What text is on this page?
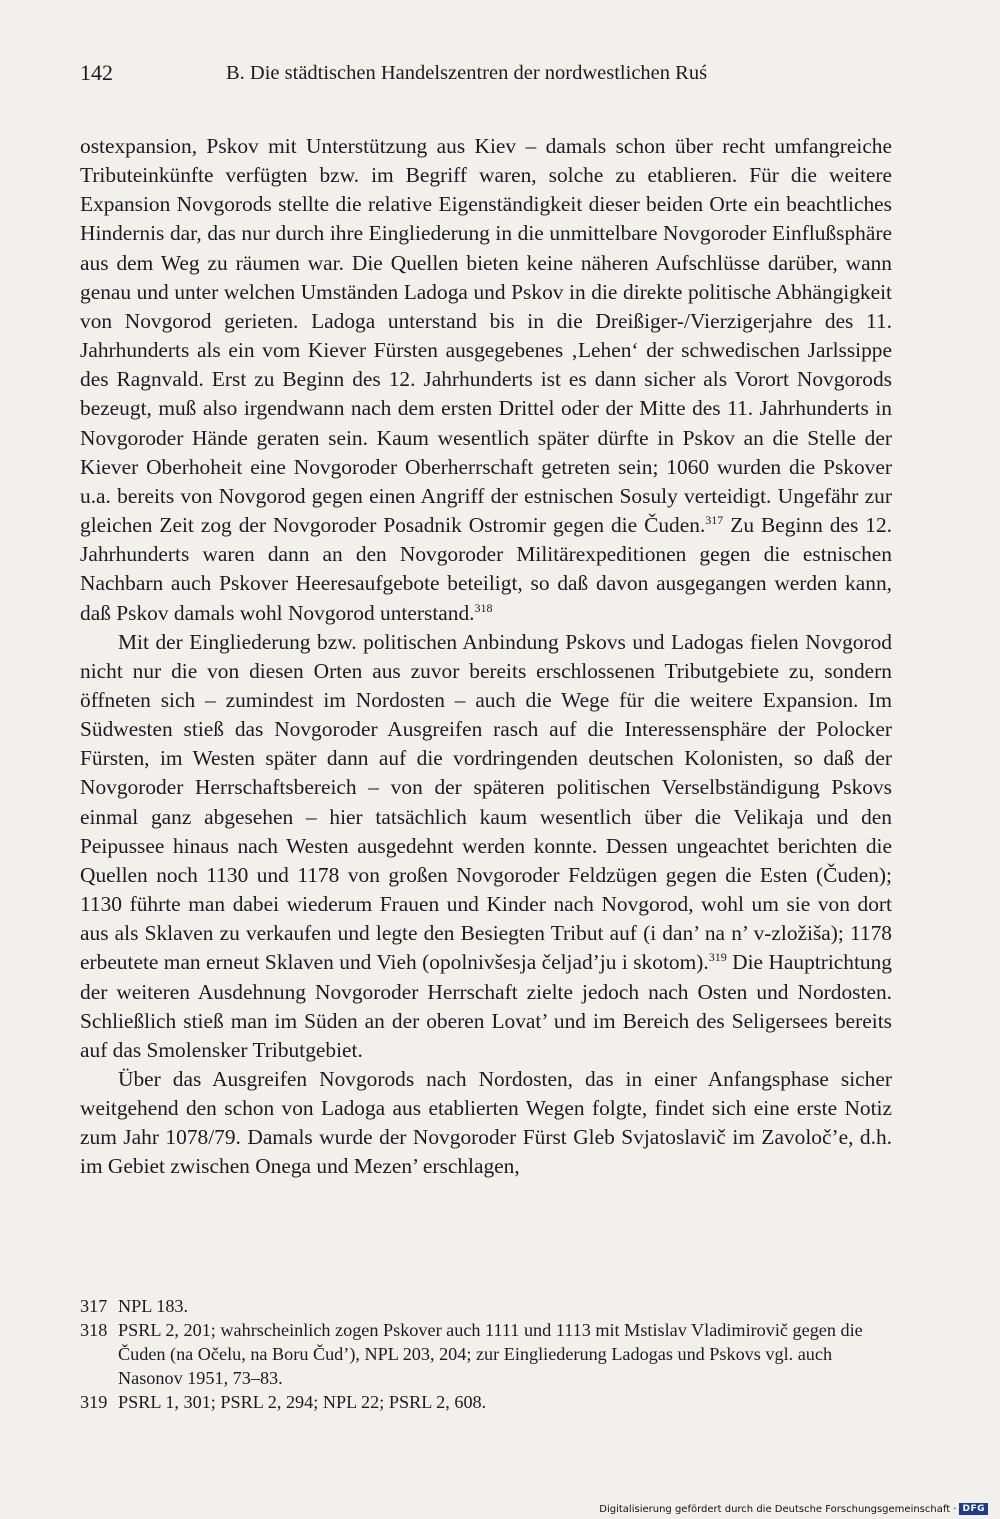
142	B. Die städtischen Handelszentren der nordwestlichen Ruś

ostexpansion, Pskov mit Unterstützung aus Kiev – damals schon über recht umfangreiche Tributeinkünfte verfügten bzw. im Begriff waren, solche zu etablieren. Für die weitere Expansion Novgorods stellte die relative Eigenständigkeit dieser beiden Orte ein beachtliches Hindernis dar, das nur durch ihre Eingliederung in die unmittelbare Novgoroder Einflußsphäre aus dem Weg zu räumen war. Die Quellen bieten keine näheren Aufschlüsse darüber, wann genau und unter welchen Umständen Ladoga und Pskov in die direkte politische Abhängigkeit von Novgorod gerieten. Ladoga unterstand bis in die Dreißiger-/Vierzigerjahre des 11. Jahrhunderts als ein vom Kiever Fürsten ausgegebenes ‚Lehen‘ der schwedischen Jarlssippe des Ragnvald. Erst zu Beginn des 12. Jahrhunderts ist es dann sicher als Vorort Novgorods bezeugt, muß also irgendwann nach dem ersten Drittel oder der Mitte des 11. Jahrhunderts in Novgoroder Hände geraten sein. Kaum wesentlich später dürfte in Pskov an die Stelle der Kiever Oberhoheit eine Novgoroder Oberherrschaft getreten sein; 1060 wurden die Pskover u.a. bereits von Novgorod gegen einen Angriff der estnischen Sosuly verteidigt. Ungefähr zur gleichen Zeit zog der Novgoroder Posadnik Ostromir gegen die Čuden.$^{317}$ Zu Beginn des 12. Jahrhunderts waren dann an den Novgoroder Militärexpeditionen gegen die estnischen Nachbarn auch Pskover Heeresaufgebote beteiligt, so daß davon ausgegangen werden kann, daß Pskov damals wohl Novgorod unterstand.$^{318}$

Mit der Eingliederung bzw. politischen Anbindung Pskovs und Ladogas fielen Novgorod nicht nur die von diesen Orten aus zuvor bereits erschlossenen Tributgebiete zu, sondern öffneten sich – zumindest im Nordosten – auch die Wege für die weitere Expansion. Im Südwesten stieß das Novgoroder Ausgreifen rasch auf die Interessensphäre der Polocker Fürsten, im Westen später dann auf die vordringenden deutschen Kolonisten, so daß der Novgoroder Herrschaftsbereich – von der späteren politischen Verselbständigung Pskovs einmal ganz abgesehen – hier tatsächlich kaum wesentlich über die Velikaja und den Peipussee hinaus nach Westen ausgedehnt werden konnte. Dessen ungeachtet berichten die Quellen noch 1130 und 1178 von großen Novgoroder Feldzügen gegen die Esten (Čuden); 1130 führte man dabei wiederum Frauen und Kinder nach Novgorod, wohl um sie von dort aus als Sklaven zu verkaufen und legte den Besiegten Tribut auf (i dan’ na n’ v-zložiša); 1178 erbeutete man erneut Sklaven und Vieh (opolnivšesja čeljad’ju i skotom).$^{319}$ Die Hauptrichtung der weiteren Ausdehnung Novgoroder Herrschaft zielte jedoch nach Osten und Nordosten. Schließlich stieß man im Süden an der oberen Lovat’ und im Bereich des Seligersees bereits auf das Smolensker Tributgebiet.

Über das Ausgreifen Novgorods nach Nordosten, das in einer Anfangsphase sicher weitgehend den schon von Ladoga aus etablierten Wegen folgte, findet sich eine erste Notiz zum Jahr 1078/79. Damals wurde der Novgoroder Fürst Gleb Svjatoslavič im Zavoloč’e, d.h. im Gebiet zwischen Onega und Mezen’ erschlagen,

317 NPL 183.
318 PSRL 2, 201; wahrscheinlich zogen Pskover auch 1111 und 1113 mit Mstislav Vladimirovič gegen die Čuden (na Očelu, na Boru Čud’), NPL 203, 204; zur Eingliederung Ladogas und Pskovs vgl. auch Nasonov 1951, 73–83.
319 PSRL 1, 301; PSRL 2, 294; NPL 22; PSRL 2, 608.
Digitalisierung gefördert durch die Deutsche Forschungsgemeinschaft · DFG
